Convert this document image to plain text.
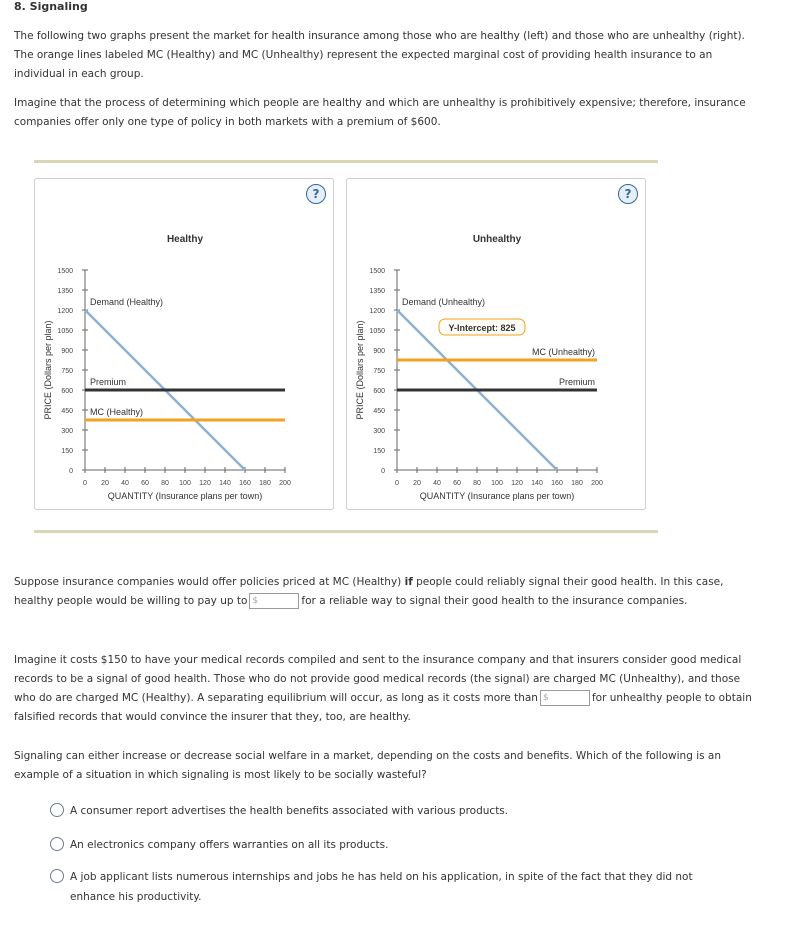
8. Signaling
The following two graphs present the market for health insurance among those who are healthy (left) and those who are unhealthy (right). The orange lines labeled MC (Healthy) and MC (Unhealthy) represent the expected marginal cost of providing health insurance to an individual in each group.
Imagine that the process of determining which people are healthy and which are unhealthy is prohibitively expensive; therefore, insurance companies offer only one type of policy in both markets with a premium of $600.
Healthy
0
150
300
450
600
750
900
1050
1200
1350
1500
0 20 40 60 80 100 120 140 160 180 200
QUANTITY (Insurance plans per town)
PRICE (Dollars per plan)
Demand (Healthy)
Premium
MC (Healthy)
?
Unhealthy
0
150
300
450
600
750
900
1050
1200
1350
1500
0 20 40 60 80 100 120 140 160 180 200
QUANTITY (Insurance plans per town)
PRICE (Dollars per plan)
Demand (Unhealthy)
MC (Unhealthy)
Premium
Y-Intercept: 825
?
Suppose insurance companies would offer policies priced at MC (Healthy) if people could reliably signal their good health. In this case, healthy people would be willing to pay up to $	for a reliable way to signal their good health to the insurance companies.
Imagine it costs $150 to have your medical records compiled and sent to the insurance company and that insurers consider good medical records to be a signal of good health. Those who do not provide good medical records (the signal) are charged MC (Unhealthy), and those who do are charged MC (Healthy). A separating equilibrium will occur, as long as it costs more than $	for unhealthy people to obtain falsified records that would convince the insurer that they, too, are healthy.
Signaling can either increase or decrease social welfare in a market, depending on the costs and benefits. Which of the following is an example of a situation in which signaling is most likely to be socially wasteful?
A consumer report advertises the health benefits associated with various products.
An electronics company offers warranties on all its products.
A job applicant lists numerous internships and jobs he has held on his application, in spite of the fact that they did not enhance his productivity.
